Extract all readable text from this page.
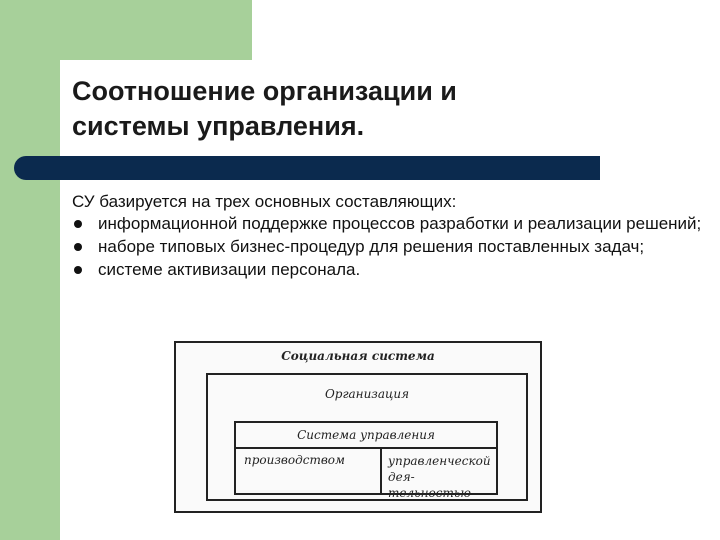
Соотношение организации и
системы управления.

СУ базируется на трех основных составляющих:

информационной поддержке процессов разработки и реализации решений;
наборе типовых бизнес-процедур для решения поставленных задач;
системе активизации персонала.
Социальная система
Организация
Система управления
производством	управленческой дея-
тельностью
